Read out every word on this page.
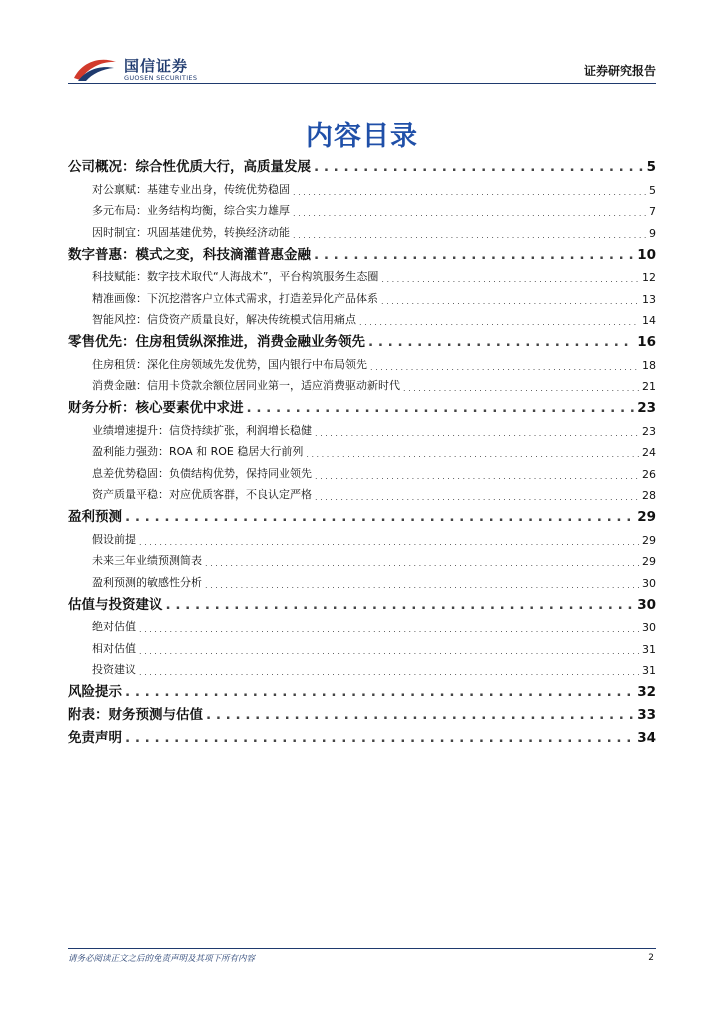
国信证券
GUOSEN SECURITIES	证券研究报告
内容目录
公司概况：综合性优质大行，高质量发展 . . .	5
对公禀赋：基建专业出身，传统优势稳固 . . .	5
多元布局：业务结构均衡，综合实力雄厚 . . .	7
因时制宜：巩固基建优势，转换经济动能 . . .	9
数字普惠：模式之变，科技滴灌普惠金融 . . .	10
科技赋能：数字技术取代“人海战术”，平台构筑服务生态圈 . . .	12
精准画像：下沉挖潜客户立体式需求，打造差异化产品体系 . . .	13
智能风控：信贷资产质量良好，解决传统模式信用痛点 . . .	14
零售优先：住房租赁纵深推进，消费金融业务领先 . . .	16
住房租赁：深化住房领域先发优势，国内银行中布局领先 . . .	18
消费金融：信用卡贷款余额位居同业第一，适应消费驱动新时代 . . .	21
财务分析：核心要素优中求进 . . .	23
业绩增速提升：信贷持续扩张，利润增长稳健 . . .	23
盈利能力强劲：ROA 和 ROE 稳居大行前列 . . .	24
息差优势稳固：负债结构优势，保持同业领先 . . .	26
资产质量平稳：对应优质客群，不良认定严格 . . .	28
盈利预测 . . .	29
假设前提 . . .	29
未来三年业绩预测简表 . . .	29
盈利预测的敏感性分析 . . .	30
估值与投资建议 . . .	30
绝对估值 . . .	30
相对估值 . . .	31
投资建议 . . .	31
风险提示 . . .	32
附表：财务预测与估值 . . .	33
免责声明 . . .	34
请务必阅读正文之后的免责声明及其项下所有内容	2
